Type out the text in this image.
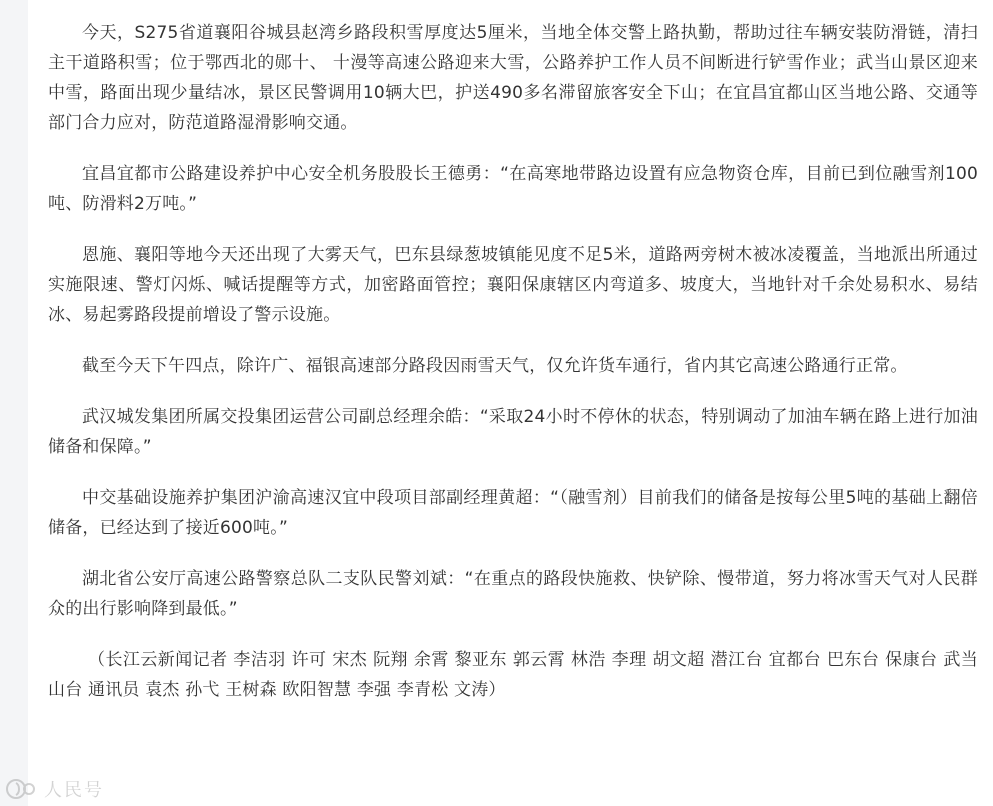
今天，S275省道襄阳谷城县赵湾乡路段积雪厚度达5厘米，当地全体交警上路执勤，帮助过往车辆安装防滑链，清扫主干道路积雪；位于鄂西北的郧十、 十漫等高速公路迎来大雪，公路养护工作人员不间断进行铲雪作业；武当山景区迎来中雪，路面出现少量结冰，景区民警调用10辆大巴，护送490多名滞留旅客安全下山；在宜昌宜都山区当地公路、交通等部门合力应对，防范道路湿滑影响交通。

宜昌宜都市公路建设养护中心安全机务股股长王德勇：“在高寒地带路边设置有应急物资仓库，目前已到位融雪剂100吨、防滑料2万吨。”

恩施、襄阳等地今天还出现了大雾天气，巴东县绿葱坡镇能见度不足5米，道路两旁树木被冰凌覆盖，当地派出所通过实施限速、警灯闪烁、喊话提醒等方式，加密路面管控；襄阳保康辖区内弯道多、坡度大，当地针对千余处易积水、易结冰、易起雾路段提前增设了警示设施。

截至今天下午四点，除许广、福银高速部分路段因雨雪天气，仅允许货车通行，省内其它高速公路通行正常。

武汉城发集团所属交投集团运营公司副总经理余皓：“采取24小时不停休的状态，特别调动了加油车辆在路上进行加油储备和保障。”

中交基础设施养护集团沪渝高速汉宜中段项目部副经理黄超：“（融雪剂）目前我们的储备是按每公里5吨的基础上翻倍储备，已经达到了接近600吨。”

湖北省公安厅高速公路警察总队二支队民警刘斌：“在重点的路段快施救、快铲除、慢带道，努力将冰雪天气对人民群众的出行影响降到最低。”

（长江云新闻记者 李洁羽 许可 宋杰 阮翔 余霄 黎亚东 郭云霄 林浩 李理 胡文超 潜江台 宜都台 巴东台 保康台 武当山台 通讯员 袁杰 孙弋 王树森 欧阳智慧 李强 李青松 文涛）

人民号
